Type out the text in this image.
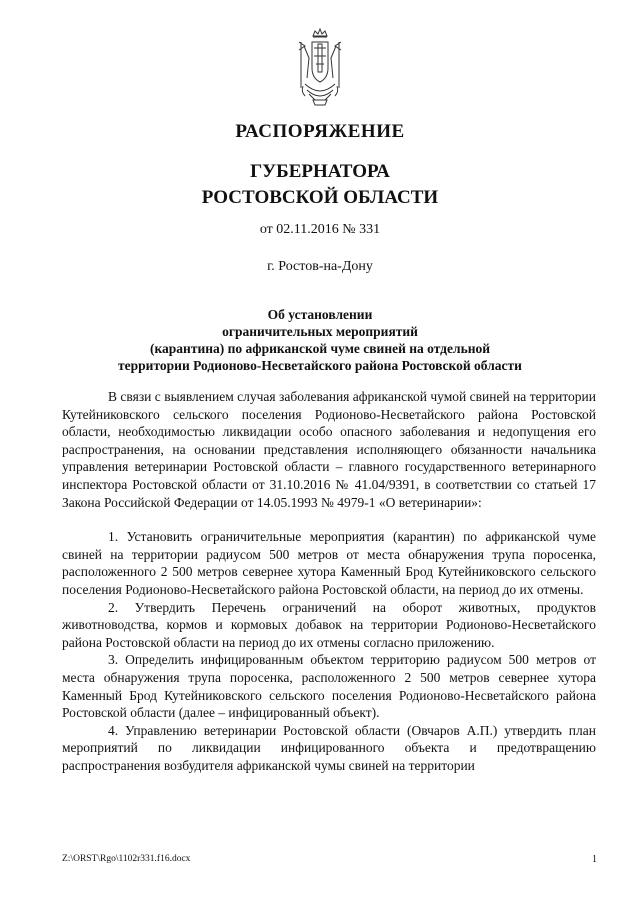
РАСПОРЯЖЕНИЕ
ГУБЕРНАТОРА
РОСТОВСКОЙ ОБЛАСТИ
от 02.11.2016 № 331
г. Ростов-на-Дону
Об установлении
ограничительных мероприятий
(карантина) по африканской чуме свиней на отдельной
территории Родионово-Несветайского района Ростовской области

В связи с выявлением случая заболевания африканской чумой свиней на территории Кутейниковского сельского поселения Родионово-Несветайского района Ростовской области, необходимостью ликвидации особо опасного заболевания и недопущения его распространения, на основании представления исполняющего обязанности начальника управления ветеринарии Ростовской области – главного государственного ветеринарного инспектора Ростовской области от 31.10.2016 № 41.04/9391, в соответствии со статьей 17 Закона Российской Федерации от 14.05.1993 № 4979-1 «О ветеринарии»:

1. Установить ограничительные мероприятия (карантин) по африканской чуме свиней на территории радиусом 500 метров от места обнаружения трупа поросенка, расположенного 2 500 метров севернее хутора Каменный Брод Кутейниковского сельского поселения Родионово-Несветайского района Ростовской области, на период до их отмены.

2. Утвердить Перечень ограничений на оборот животных, продуктов животноводства, кормов и кормовых добавок на территории Родионово-Несветайского района Ростовской области на период до их отмены согласно приложению.

3. Определить инфицированным объектом территорию радиусом 500 метров от места обнаружения трупа поросенка, расположенного 2 500 метров севернее хутора Каменный Брод Кутейниковского сельского поселения Родионово-Несветайского района Ростовской области (далее – инфицированный объект).

4. Управлению ветеринарии Ростовской области (Овчаров А.П.) утвердить план мероприятий по ликвидации инфицированного объекта и предотвращению распространения возбудителя африканской чумы свиней на территории

Z:\ORST\Rgo\1102r331.f16.docx	1
